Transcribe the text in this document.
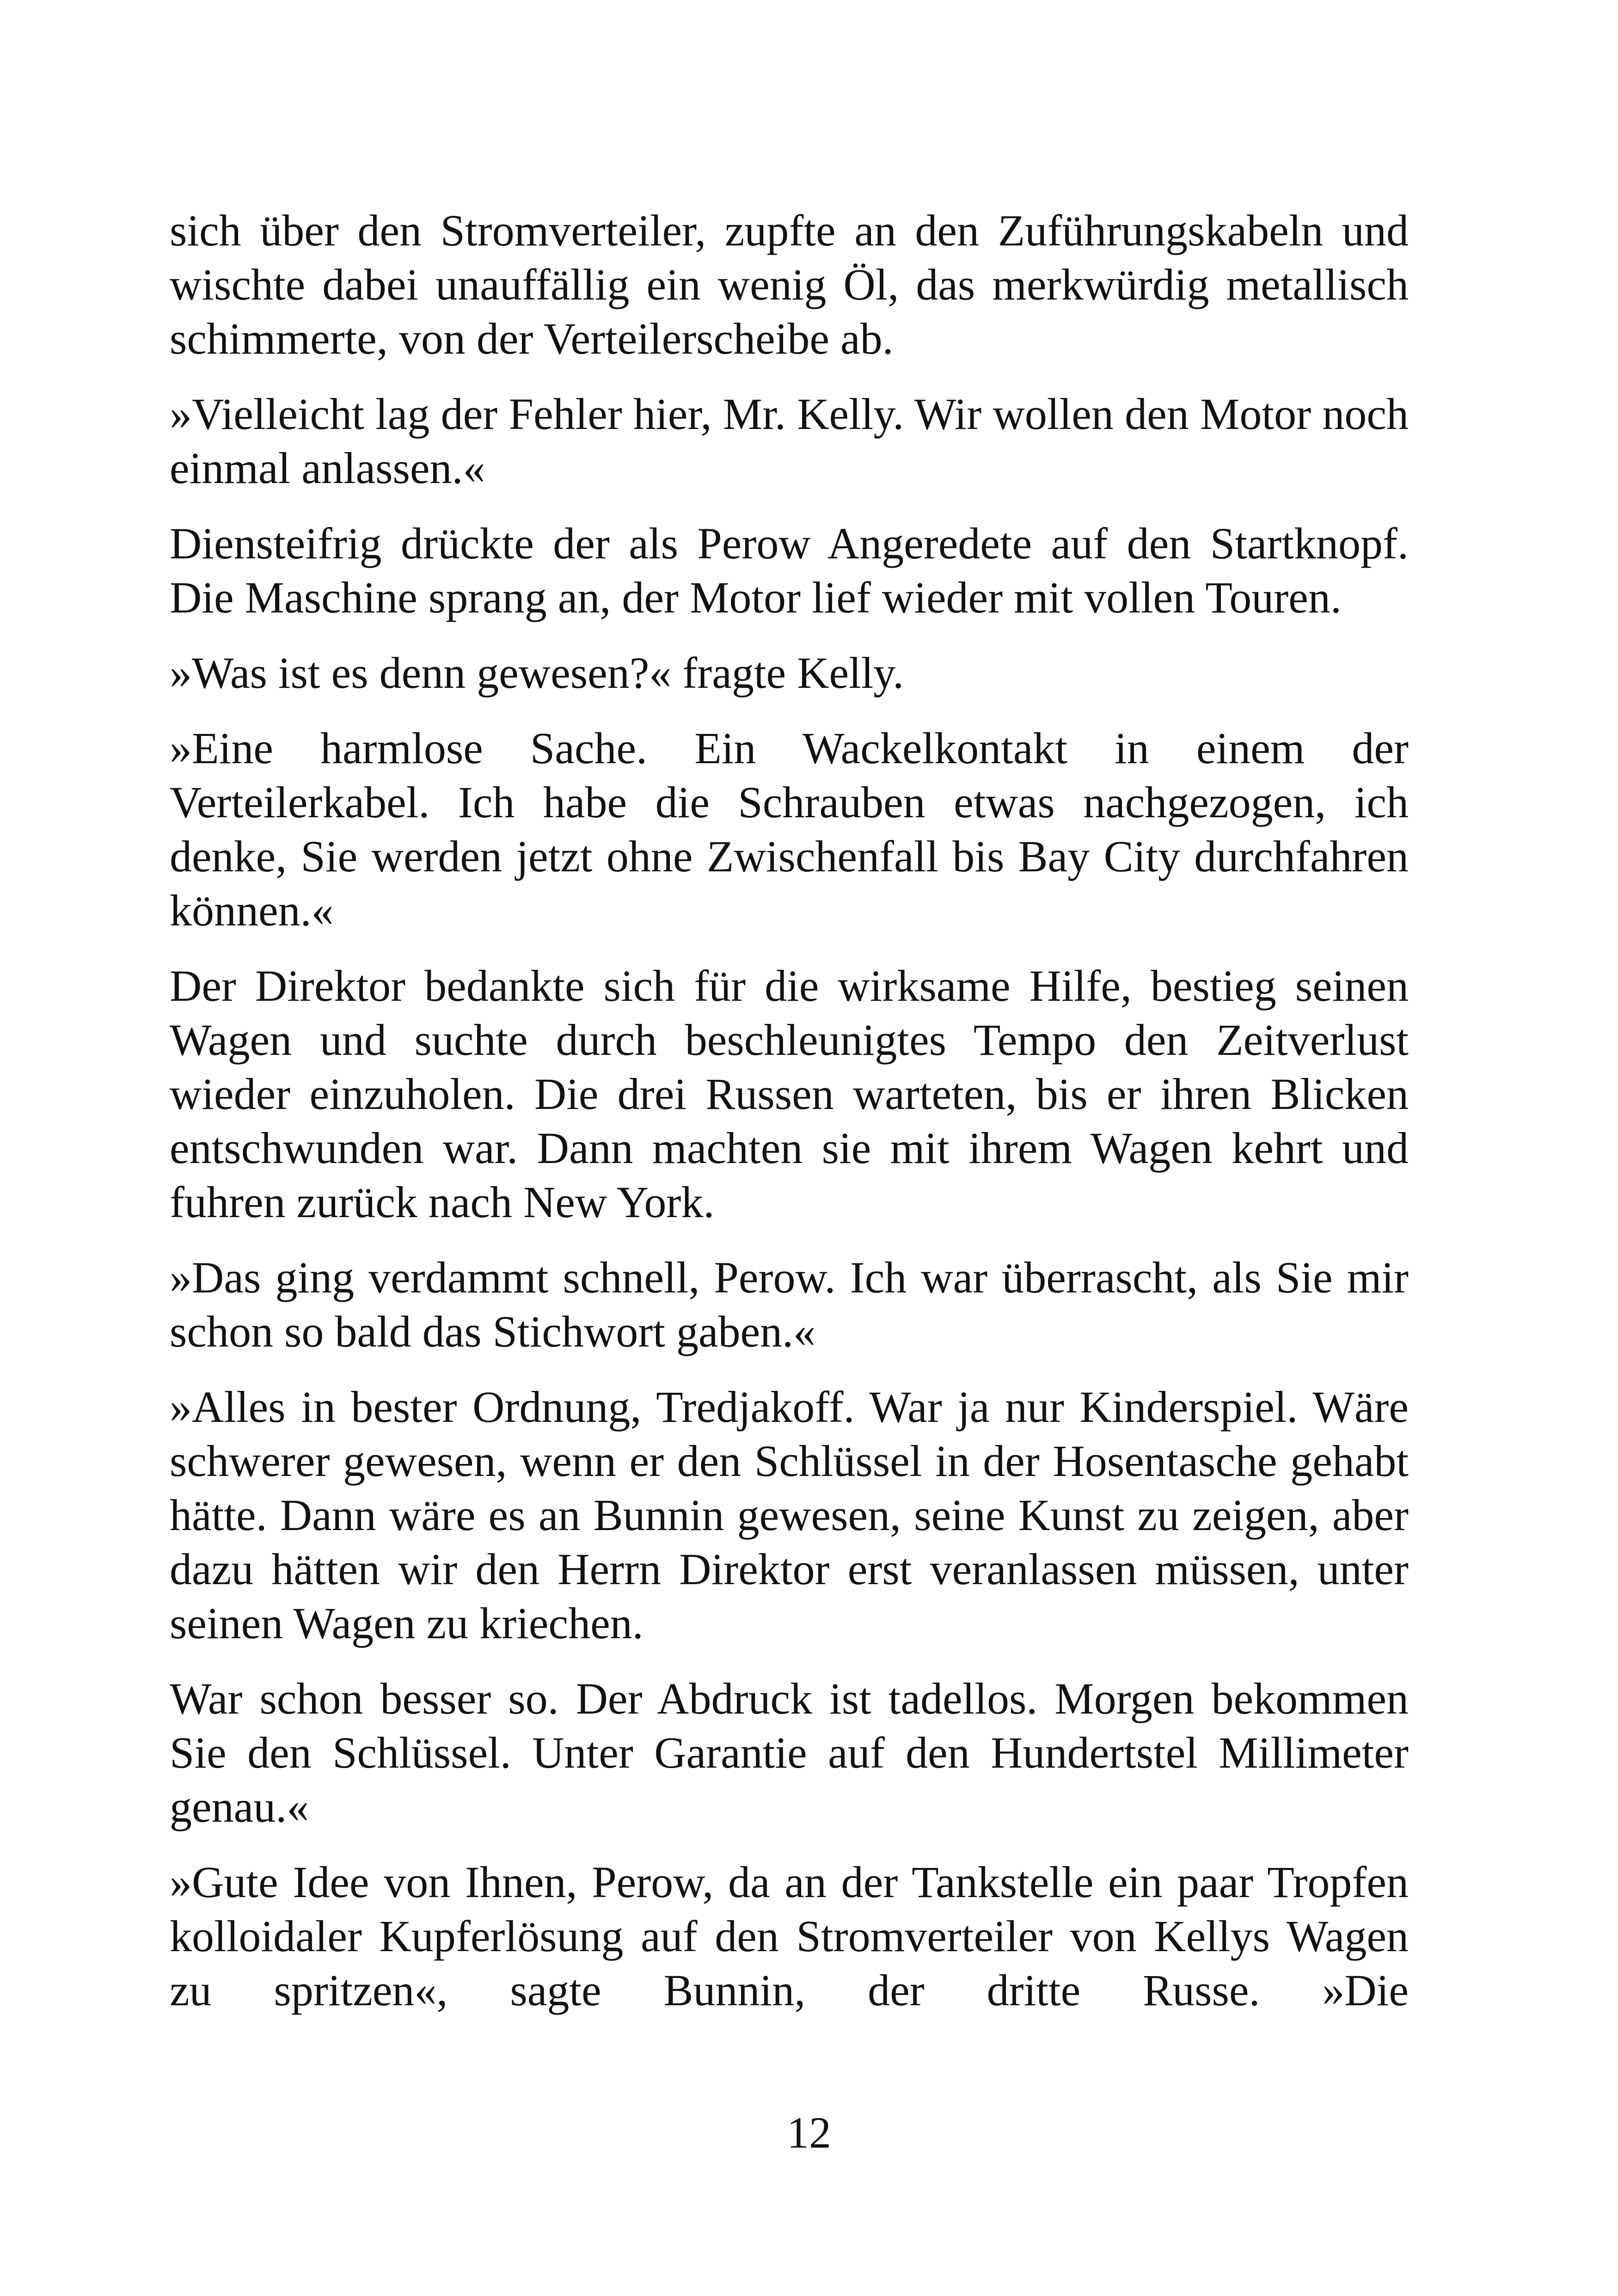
sich über den Stromverteiler, zupfte an den Zuführungskabeln und wischte dabei unauffällig ein wenig Öl, das merkwürdig metallisch schimmerte, von der Verteilerscheibe ab.

»Vielleicht lag der Fehler hier, Mr. Kelly. Wir wollen den Motor noch einmal anlassen.«

Diensteifrig drückte der als Perow Angeredete auf den Startknopf. Die Maschine sprang an, der Motor lief wieder mit vollen Touren.

»Was ist es denn gewesen?« fragte Kelly.

»Eine harmlose Sache. Ein Wackelkontakt in einem der Verteilerkabel. Ich habe die Schrauben etwas nachgezogen, ich denke, Sie werden jetzt ohne Zwischenfall bis Bay City durchfahren können.«

Der Direktor bedankte sich für die wirksame Hilfe, bestieg seinen Wagen und suchte durch beschleunigtes Tempo den Zeitverlust wieder einzuholen. Die drei Russen warteten, bis er ihren Blicken entschwunden war. Dann machten sie mit ihrem Wagen kehrt und fuhren zurück nach New York.

»Das ging verdammt schnell, Perow. Ich war überrascht, als Sie mir schon so bald das Stichwort gaben.«

»Alles in bester Ordnung, Tredjakoff. War ja nur Kinderspiel. Wäre schwerer gewesen, wenn er den Schlüssel in der Hosentasche gehabt hätte. Dann wäre es an Bunnin gewesen, seine Kunst zu zeigen, aber dazu hätten wir den Herrn Direktor erst veranlassen müssen, unter seinen Wagen zu kriechen.

War schon besser so. Der Abdruck ist tadellos. Morgen bekommen Sie den Schlüssel. Unter Garantie auf den Hundertstel Millimeter genau.«

»Gute Idee von Ihnen, Perow, da an der Tankstelle ein paar Tropfen kolloidaler Kupferlösung auf den Stromverteiler von Kellys Wagen zu spritzen«, sagte Bunnin, der dritte Russe. »Die

12
